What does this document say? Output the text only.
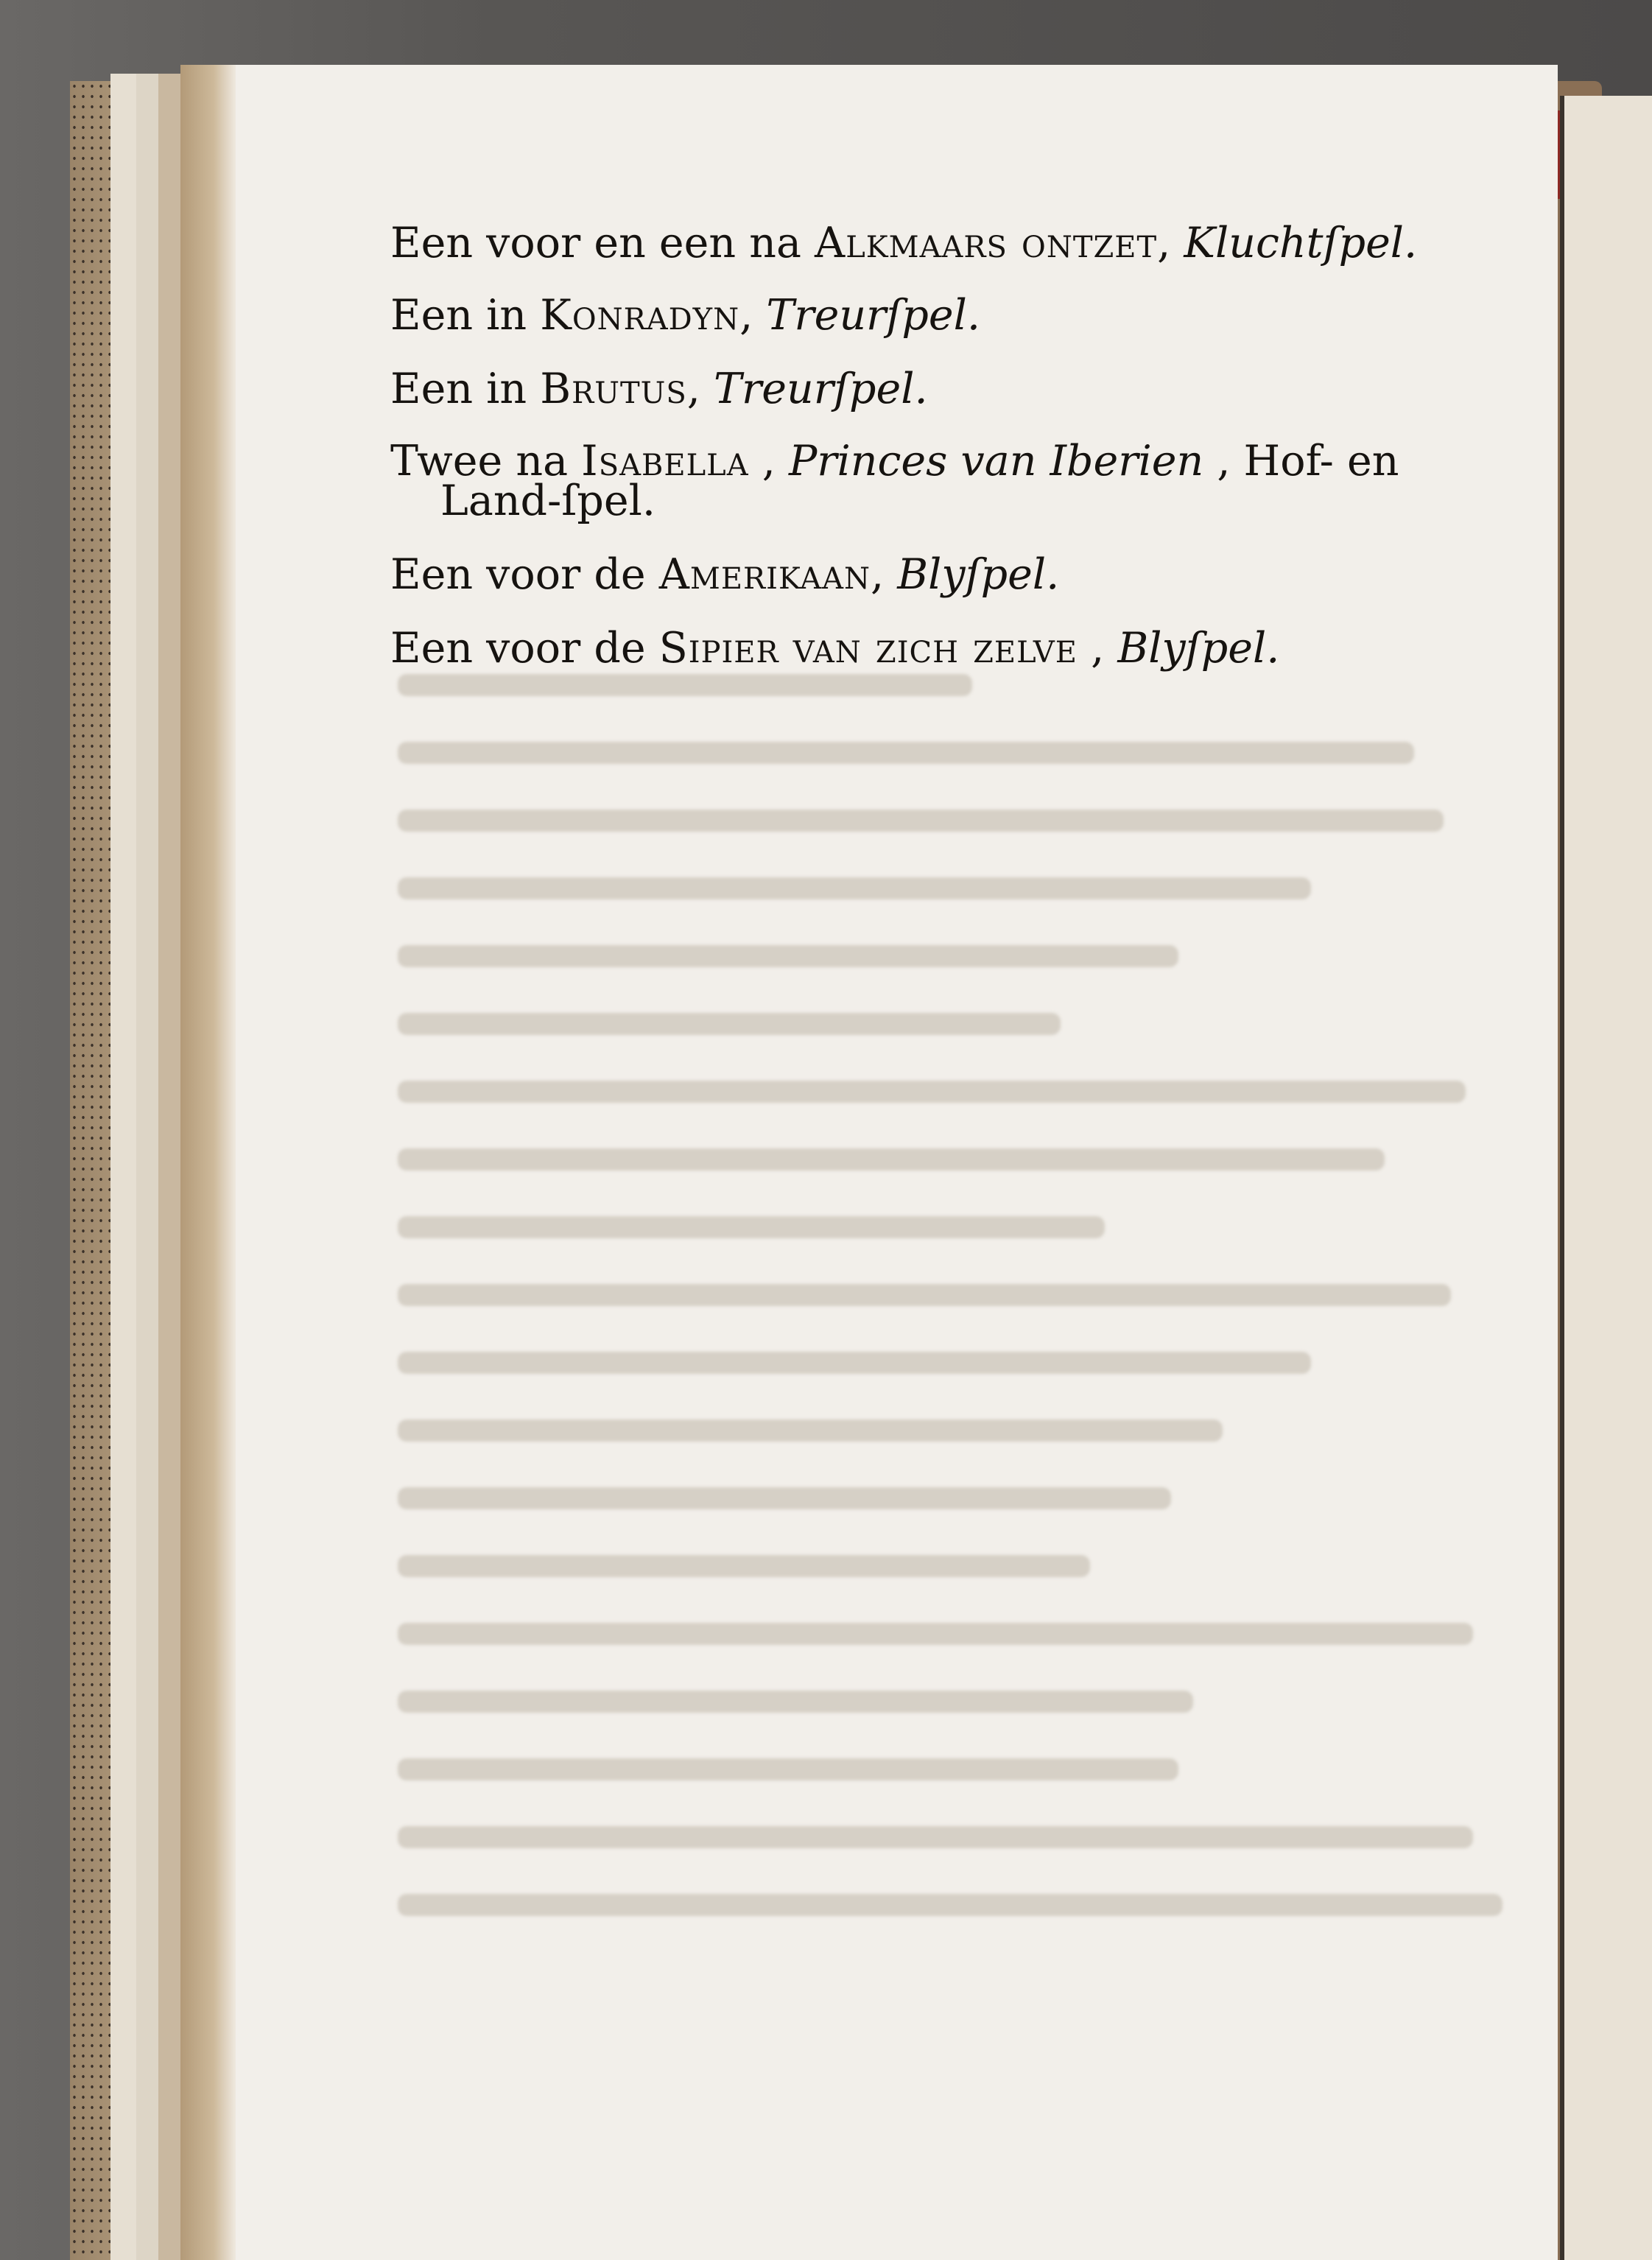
Een voor en een na Alkmaars ontzet, Kluchtſpel.
Een in Konradyn, Treurſpel.
Een in Brutus, Treurſpel.
Twee na Isabella , Princes van Iberien , Hof- en
Land-ſpel.
Een voor de Amerikaan, Blyſpel.
Een voor de Sipier van zich zelve , Blyſpel.
